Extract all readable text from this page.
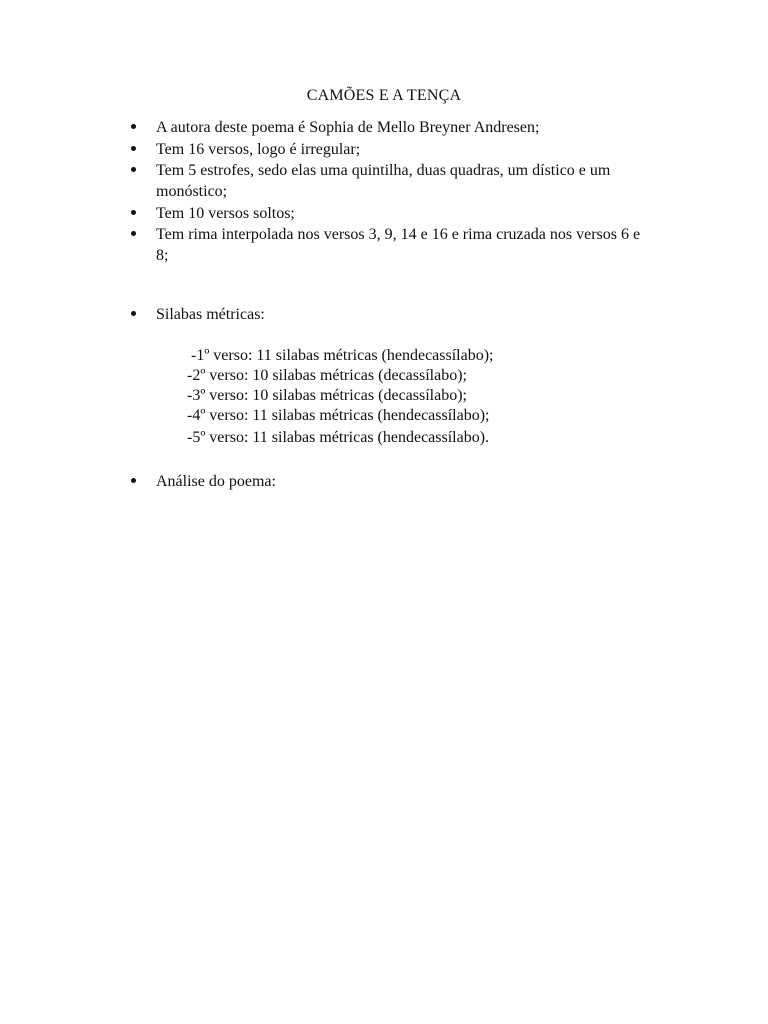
CAMÕES E A TENÇA
A autora deste poema é Sophia de Mello Breyner Andresen;
Tem 16 versos, logo é irregular;
Tem 5 estrofes, sedo elas uma quintilha, duas quadras, um dístico e um monóstico;
Tem 10 versos soltos;
Tem rima interpolada nos versos 3, 9, 14 e 16 e rima cruzada nos versos 6 e 8;
Silabas métricas:
-1º verso: 11 silabas métricas (hendecassílabo);
-2º verso: 10 silabas métricas (decassílabo);
-3º verso: 10 silabas métricas (decassílabo);
-4º verso: 11 silabas métricas (hendecassílabo);
-5º verso: 11 silabas métricas (hendecassílabo).
Análise do poema:
